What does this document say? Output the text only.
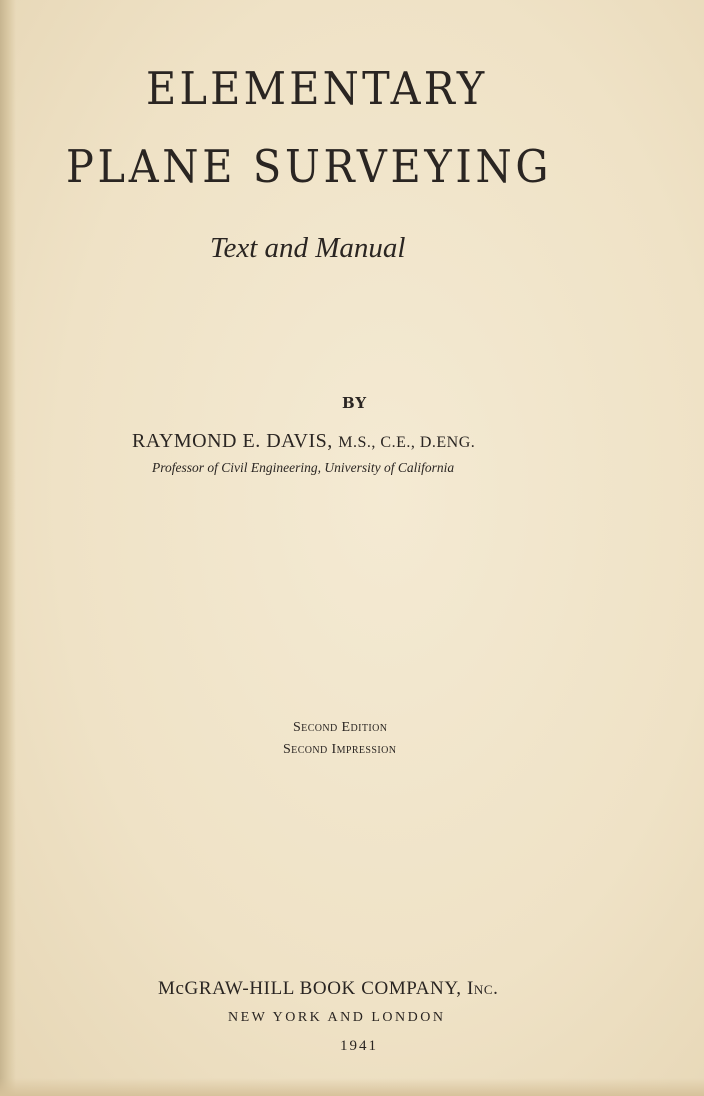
ELEMENTARY
PLANE SURVEYING
Text and Manual
BY
RAYMOND E. DAVIS, M.S., C.E., D.ENG.
Professor of Civil Engineering, University of California
Second Edition
Second Impression
McGRAW-HILL BOOK COMPANY, Inc.
NEW YORK AND LONDON
1941
